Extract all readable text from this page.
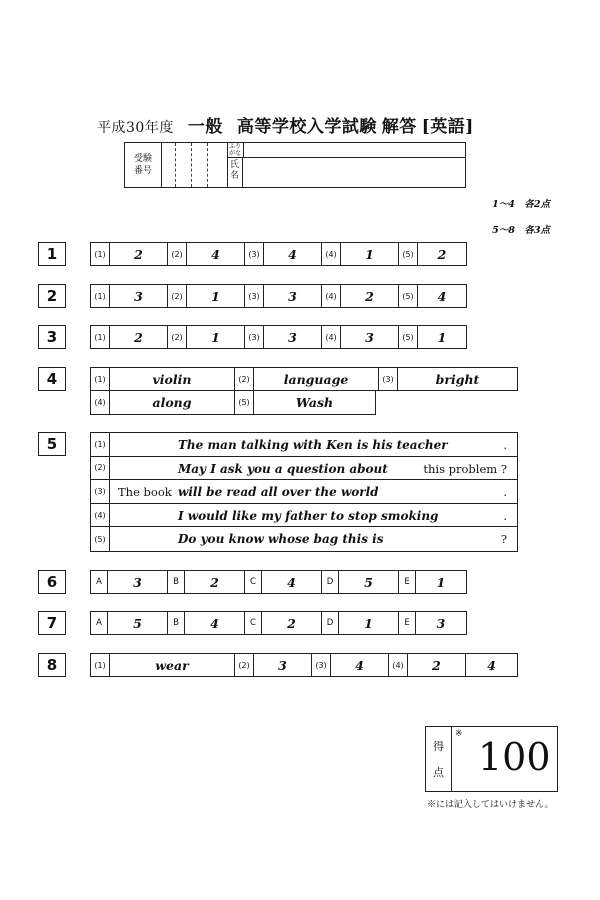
平成30年度 一般 高等学校入学試験 解答 [英語]
受験
番号
ふり
がな
氏
名
1～4　各2点
5～8　各3点
1	(1)	2	(2)	4	(3)	4	(4)	1	(5)	2
2	(1)	3	(2)	1	(3)	3	(4)	2	(5)	4
3	(1)	2	(2)	1	(3)	3	(4)	3	(5)	1
4	(1)	violin	(2)	language	(3)	bright
(4)	along	(5)	Wash
5	(1)	The man talking with Ken is his teacher	.
(2)	May I ask you a question about	this problem ?
(3)	The book will be read all over the world	.
(4)	I would like my father to stop smoking	.
(5)	Do you know whose bag this is	?
6	A	3	B	2	C	4	D	5	E	1
7	A	5	B	4	C	2	D	1	E	3
8	(1)	wear	(2)	3	(3)	4	(4)	2	4
得
点
※
100
※には記入してはいけません。
